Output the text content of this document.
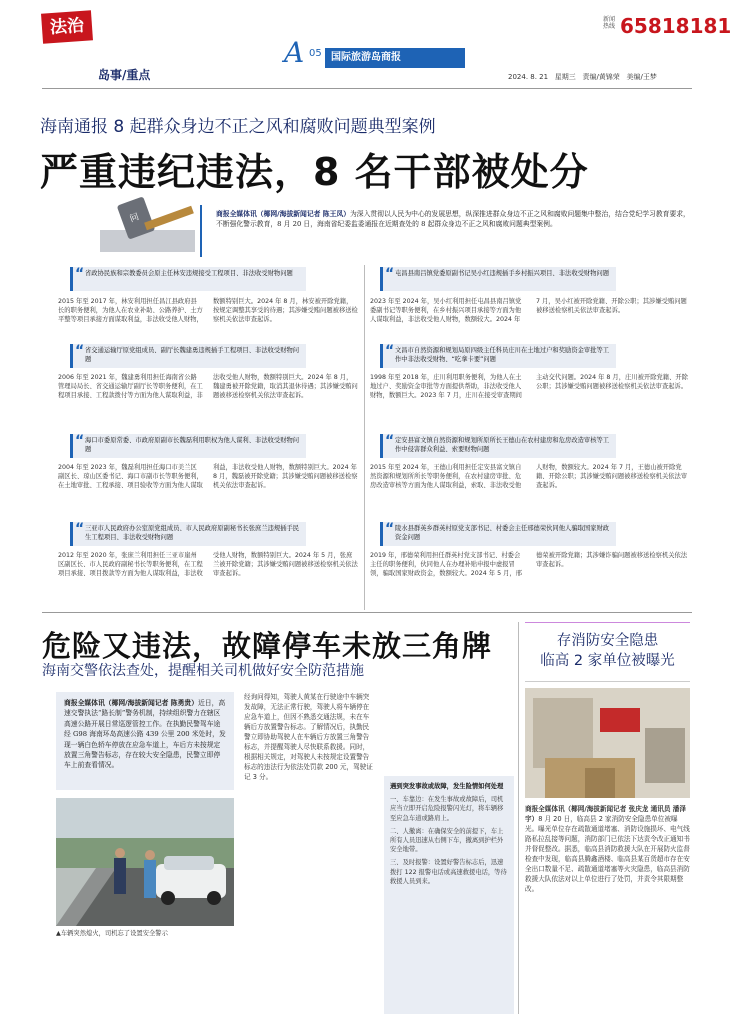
法治新闻
岛事/重点
A 05 国际旅游岛商报
新闻热线 65818181
2024. 8. 21 星期三 责编/黄锦荣 美编/王梦
海南通报 8 起群众身边不正之风和腐败问题典型案例
严重违纪违法，8 名干部被处分
问	商报全媒体讯（椰网/海拔新闻记者 陈王凤）为深入贯彻以人民为中心的发展思想，纵深推进群众身边不正之风和腐败问题集中整治，结合党纪学习教育要求，不断强化警示教育，8 月 20 日，海南省纪委监委通报在近期查处的 8 起群众身边不正之风和腐败问题典型案例。
“ 省政协民族和宗教委员会原主任林安违规接受工程项目、非法收受财物问题
2015 年至 2017 年，林安利用担任昌江县政府县长的职务便利，为他人在农业补助、公路养护、土方平整等项目承接方面谋取利益，非法收受他人财物，数额特别巨大。2024 年 8 月，林安被开除党籍，按规定调整其享受的待遇；其涉嫌受贿问题被移送检察机关依法审查起诉。
“ 省交通运输厅原党组成员、副厅长魏建勇违规插手工程项目、非法收受财物问题
2006 年至 2021 年，魏建勇利用担任海南省公路管理局局长、省交通运输厅副厅长等职务便利，在工程项目承接、工程款拨付等方面为他人谋取利益，非法收受他人财物，数额特别巨大。2024 年 8 月，魏建勇被开除党籍，取消其退休待遇；其涉嫌受贿问题被移送检察机关依法审查起诉。
“ 海口市委原常委、市政府原副市长魏磊利用职权为他人谋利、非法收受财物问题
2004 年至 2023 年，魏磊利用担任海口市美兰区副区长、琼山区委书记、海口市副市长等职务便利，在土地审批、工程承接、项目验收等方面为他人谋取利益，非法收受他人财物，数额特别巨大。2024 年 8 月，魏磊被开除党籍；其涉嫌受贿问题被移送检察机关依法审查起诉。
“ 三亚市人民政府办公室原党组成员、市人民政府原副秘书长张庶兰违规插手民生工程项目、非法收受财物问题
2012 年至 2020 年，张庶兰利用担任三亚市崖州区副区长、市人民政府副秘书长等职务便利，在工程项目承接、项目拨款等方面为他人谋取利益，非法收受他人财物，数额特别巨大。2024 年 5 月，张庶兰被开除党籍；其涉嫌受贿问题被移送检察机关依法审查起诉。
“ 屯昌县南吕镇党委原副书记吴小红违规插手乡村振兴项目、非法收受财物问题
2023 年至 2024 年，吴小红利用担任屯昌县南吕镇党委副书记等职务便利，在乡村振兴项目承接等方面为他人谋取利益，非法收受他人财物，数额较大。2024 年 7 月，吴小红被开除党籍、开除公职；其涉嫌受贿问题被移送检察机关依法审查起诉。
“ 文昌市自然资源和规划局原四级主任科员庄川在土地过户和奖励资金审批等工作中非法收受财物、“吃拿卡要”问题
1998 年至 2018 年，庄川利用职务便利，为他人在土地过户、奖励资金审批等方面提供帮助，非法收受他人财物，数额巨大。2023 年 7 月，庄川在接受审查期间主动交代问题。2024 年 8 月，庄川被开除党籍、开除公职；其涉嫌受贿问题被移送检察机关依法审查起诉。
“ 定安县富文镇自然资源和规划所原所长王德山在农村建房和危房改造审核等工作中侵害群众利益、索要财物问题
2015 年至 2024 年，王德山利用担任定安县富文镇自然资源和规划所所长等职务便利，在农村建房审批、危房改造审核等方面为他人谋取利益，索取、非法收受他人财物，数额较大。2024 年 7 月，王德山被开除党籍、开除公职；其涉嫌受贿问题被移送检察机关依法审查起诉。
“ 陵水县群英乡群英村原党支部书记、村委会主任邢德荣伙同他人骗取国家财政资金问题
2019 年，邢德荣利用担任群英村党支部书记、村委会主任的职务便利，伙同他人在办理补贴申报中虚报冒领，骗取国家财政资金，数额较大。2024 年 5 月，邢德荣被开除党籍；其涉嫌诈骗问题被移送检察机关依法审查起诉。
危险又违法，故障停车未放三角牌
海南交警依法查处，提醒相关司机做好安全防范措施
商报全媒体讯（椰网/海拔新闻记者 陈勇贵）近日，高速交警执法“路长制”警务机制，持续组织警力在辖区高速公路开展日常巡逻管控工作。在执勤民警驾车途经 G98 海南环岛高速公路 439 公里 200 米处时，发现一辆白色轿车停放在应急车道上，车后方未按规定放置三角警告标志，存在较大安全隐患，民警立即停车上前查看情况。
▲车辆突然熄火，司机忘了设置安全警示
经询问得知，驾驶人黄某在行驶途中车辆突发故障，无法正常行驶，驾驶人将车辆停在应急车道上，但因不熟悉交通法规，未在车辆后方放置警告标志。了解情况后，执勤民警立即协助驾驶人在车辆后方放置三角警告标志，并提醒驾驶人尽快联系救援。同时，根据相关规定，对驾驶人未按规定设置警告标志的违法行为依法处罚款 200 元，驾驶证记 3 分。
遇到突发事故或故障，发生险情如何处理
一、车靠边：在发生事故或故障后，司机应当立即开启危险报警闪光灯，将车辆移至应急车道或路肩上。
二、人撤离：在确保安全的前提下，车上所有人员迅速从右侧下车，撤离到护栏外安全地带。
三、及时报警：设置好警告标志后，迅速拨打 122 报警电话或高速救援电话，等待救援人员到来。
存消防安全隐患
临高 2 家单位被曝光
商报全媒体讯（椰网/海拔新闻记者 张庆龙 通讯员 潘泽宇）8 月 20 日，临高县 2 家消防安全隐患单位被曝光。曝光单位存在疏散通道堵塞、消防设施损坏、电气线路私拉乱接等问题，消防部门已依法下达责令改正通知书并督促整改。据悉，临高县消防救援大队在开展防火监督检查中发现，临高县腾鑫酒楼、临高县某百货超市存在安全出口数量不足、疏散通道堵塞等火灾隐患，临高县消防救援大队依法对以上单位进行了处罚，并责令其限期整改。
